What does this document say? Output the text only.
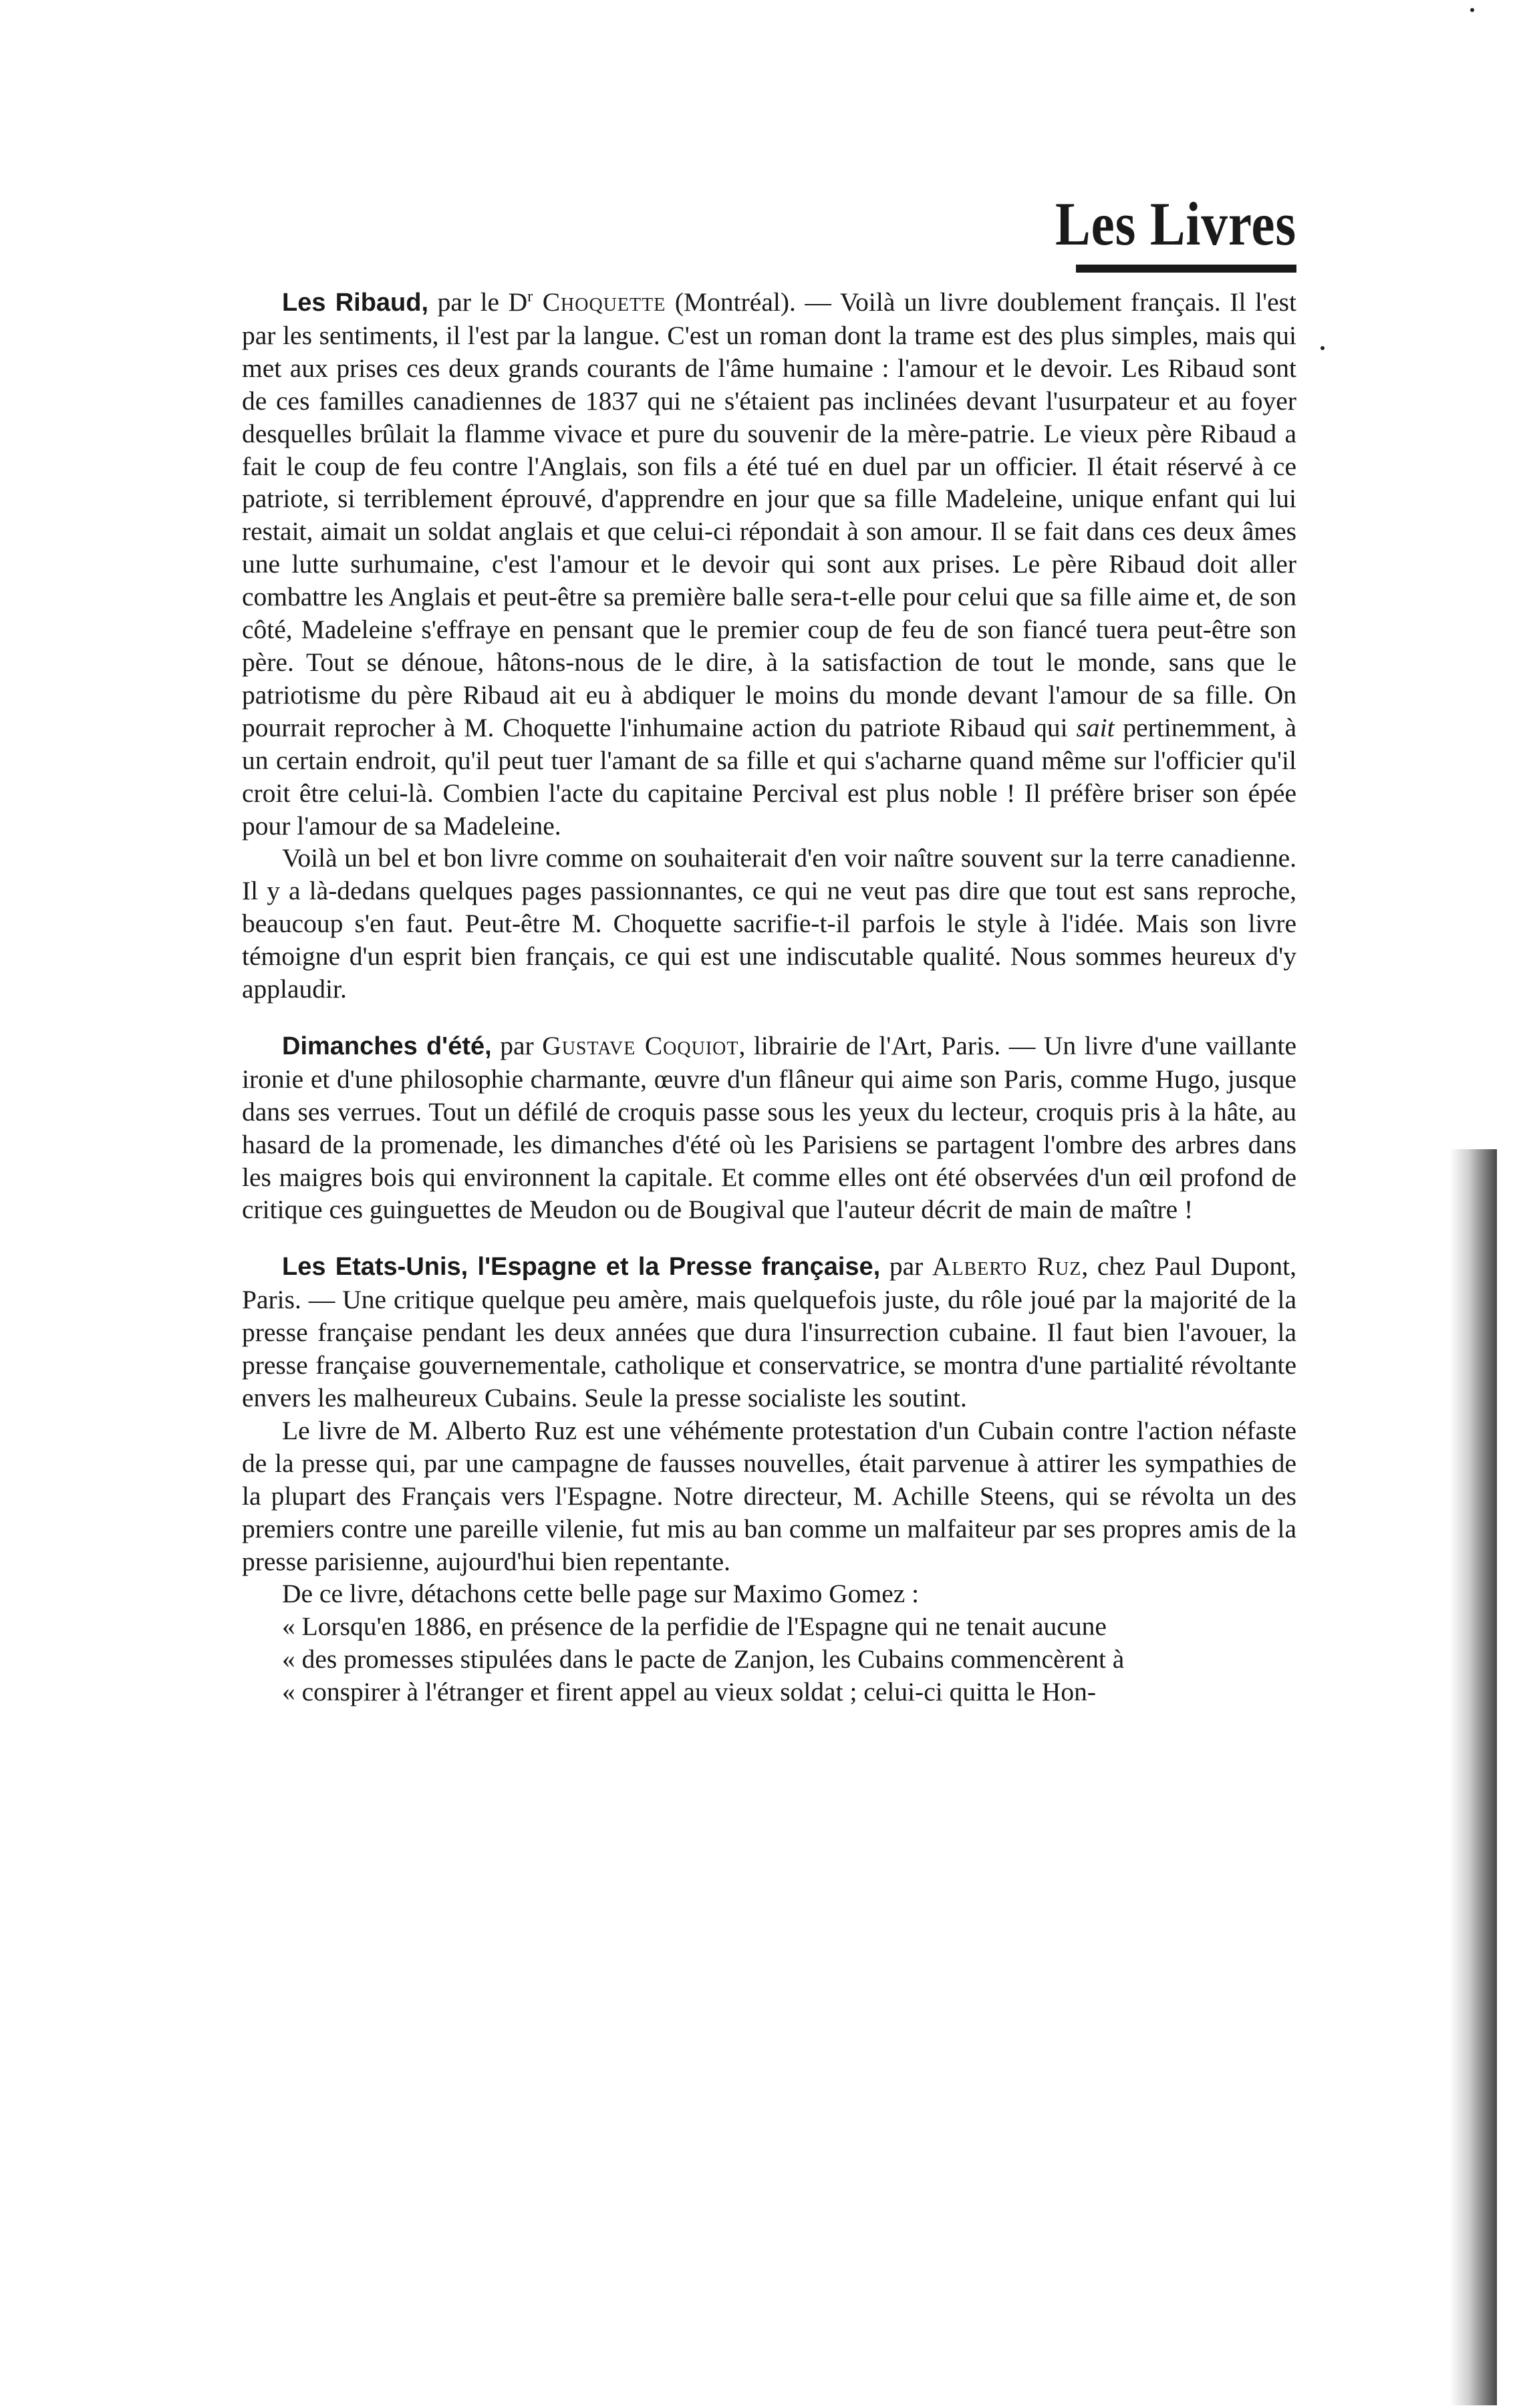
Les Livres

Les Ribaud, par le $D^r$ Choquette (Montréal). — Voilà un livre doublement français. Il l'est par les sentiments, il l'est par la langue. C'est un roman dont la trame est des plus simples, mais qui met aux prises ces deux grands courants de l'âme humaine : l'amour et le devoir. Les Ribaud sont de ces familles canadiennes de 1837 qui ne s'étaient pas inclinées devant l'usurpateur et au foyer desquelles brûlait la flamme vivace et pure du souvenir de la mère-patrie. Le vieux père Ribaud a fait le coup de feu contre l'Anglais, son fils a été tué en duel par un officier. Il était réservé à ce patriote, si terriblement éprouvé, d'apprendre en jour que sa fille Madeleine, unique enfant qui lui restait, aimait un soldat anglais et que celui-ci répondait à son amour. Il se fait dans ces deux âmes une lutte surhumaine, c'est l'amour et le devoir qui sont aux prises. Le père Ribaud doit aller combattre les Anglais et peut-être sa première balle sera-t-elle pour celui que sa fille aime et, de son côté, Madeleine s'effraye en pensant que le premier coup de feu de son fiancé tuera peut-être son père. Tout se dénoue, hâtons-nous de le dire, à la satisfaction de tout le monde, sans que le patriotisme du père Ribaud ait eu à abdiquer le moins du monde devant l'amour de sa fille. On pourrait reprocher à M. Choquette l'inhumaine action du patriote Ribaud qui sait pertinemment, à un certain endroit, qu'il peut tuer l'amant de sa fille et qui s'acharne quand même sur l'officier qu'il croit être celui-là. Combien l'acte du capitaine Percival est plus noble ! Il préfère briser son épée pour l'amour de sa Madeleine.

Voilà un bel et bon livre comme on souhaiterait d'en voir naître souvent sur la terre canadienne. Il y a là-dedans quelques pages passionnantes, ce qui ne veut pas dire que tout est sans reproche, beaucoup s'en faut. Peut-être M. Choquette sacrifie-t-il parfois le style à l'idée. Mais son livre témoigne d'un esprit bien français, ce qui est une indiscutable qualité. Nous sommes heureux d'y applaudir.

Dimanches d'été, par Gustave Coquiot, librairie de l'Art, Paris. — Un livre d'une vaillante ironie et d'une philosophie charmante, œuvre d'un flâneur qui aime son Paris, comme Hugo, jusque dans ses verrues. Tout un défilé de croquis passe sous les yeux du lecteur, croquis pris à la hâte, au hasard de la promenade, les dimanches d'été où les Parisiens se partagent l'ombre des arbres dans les maigres bois qui environnent la capitale. Et comme elles ont été observées d'un œil profond de critique ces guinguettes de Meudon ou de Bougival que l'auteur décrit de main de maître !

Les Etats-Unis, l'Espagne et la Presse française, par Alberto Ruz, chez Paul Dupont, Paris. — Une critique quelque peu amère, mais quelquefois juste, du rôle joué par la majorité de la presse française pendant les deux années que dura l'insurrection cubaine. Il faut bien l'avouer, la presse française gouvernementale, catholique et conservatrice, se montra d'une partialité révoltante envers les malheureux Cubains. Seule la presse socialiste les soutint.

Le livre de M. Alberto Ruz est une véhémente protestation d'un Cubain contre l'action néfaste de la presse qui, par une campagne de fausses nouvelles, était parvenue à attirer les sympathies de la plupart des Français vers l'Espagne. Notre directeur, M. Achille Steens, qui se révolta un des premiers contre une pareille vilenie, fut mis au ban comme un malfaiteur par ses propres amis de la presse parisienne, aujourd'hui bien repentante.

De ce livre, détachons cette belle page sur Maximo Gomez :

« Lorsqu'en 1886, en présence de la perfidie de l'Espagne qui ne tenait aucune
« des promesses stipulées dans le pacte de Zanjon, les Cubains commencèrent à
« conspirer à l'étranger et firent appel au vieux soldat ; celui-ci quitta le Hon-
